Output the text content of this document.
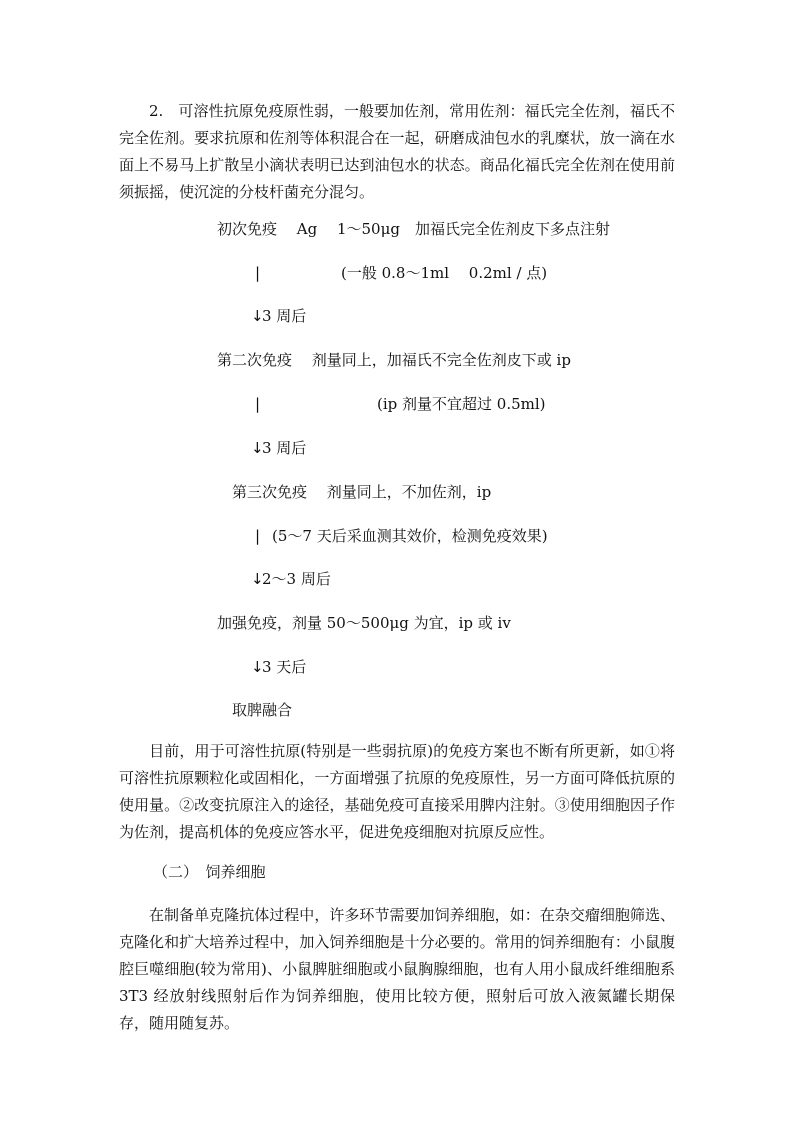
2.　可溶性抗原免疫原性弱，一般要加佐剂，常用佐剂：福氏完全佐剂，福氏不完全佐剂。要求抗原和佐剂等体积混合在一起，研磨成油包水的乳糜状，放一滴在水面上不易马上扩散呈小滴状表明已达到油包水的状态。商品化福氏完全佐剂在使用前须振摇，使沉淀的分枝杆菌充分混匀。

初次免疫　 Ag　 1～50μg　加福氏完全佐剂皮下多点注射
|	(一般 0.8～1ml　 0.2ml / 点)
↓
3 周后
第二次免疫　 剂量同上，加福氏不完全佐剂皮下或 ip
|	(ip 剂量不宜超过 0.5ml)
↓
3 周后
第三次免疫　 剂量同上，不加佐剂，ip
| (5～7 天后采血测其效价，检测免疫效果)
↓
2～3 周后
加强免疫，剂量 50～500μg 为宜，ip 或 iv
↓
3 天后
取脾融合

目前，用于可溶性抗原(特别是一些弱抗原)的免疫方案也不断有所更新，如①将可溶性抗原颗粒化或固相化，一方面增强了抗原的免疫原性，另一方面可降低抗原的使用量。②改变抗原注入的途径，基础免疫可直接采用脾内注射。③使用细胞因子作为佐剂，提高机体的免疫应答水平，促进免疫细胞对抗原反应性。

（二）　饲养细胞

在制备单克隆抗体过程中，许多环节需要加饲养细胞，如：在杂交瘤细胞筛选、克隆化和扩大培养过程中，加入饲养细胞是十分必要的。常用的饲养细胞有：小鼠腹腔巨噬细胞(较为常用)、小鼠脾脏细胞或小鼠胸腺细胞，也有人用小鼠成纤维细胞系 3T3 经放射线照射后作为饲养细胞，使用比较方便，照射后可放入液氮罐长期保存，随用随复苏。
